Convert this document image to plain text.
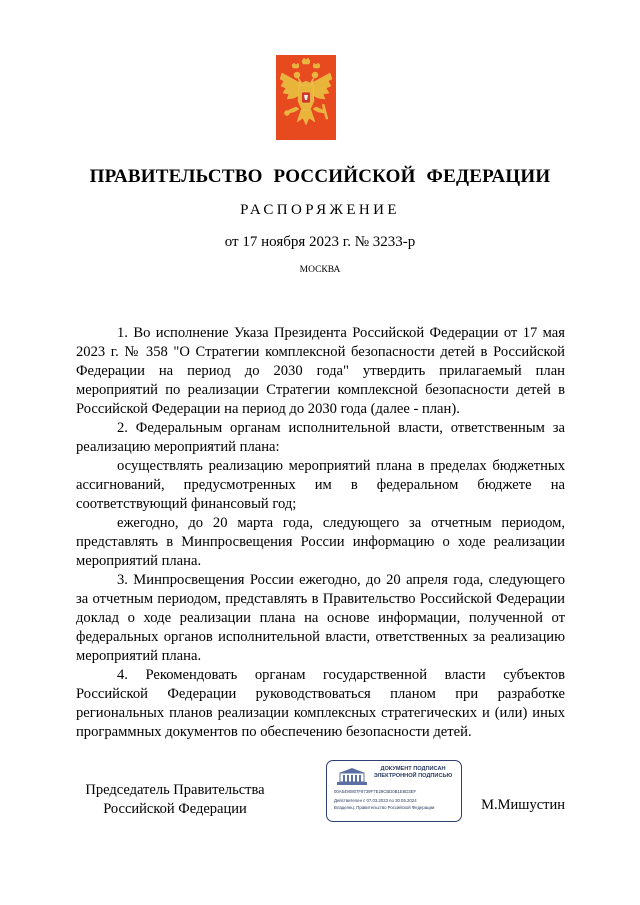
ПРАВИТЕЛЬСТВО РОССИЙСКОЙ ФЕДЕРАЦИИ
РАСПОРЯЖЕНИЕ
от 17 ноября 2023 г. № 3233-р
МОСКВА

1. Во исполнение Указа Президента Российской Федерации от 17 мая 2023 г. № 358 "О Стратегии комплексной безопасности детей в Российской Федерации на период до 2030 года" утвердить прилагаемый план мероприятий по реализации Стратегии комплексной безопасности детей в Российской Федерации на период до 2030 года (далее - план).

2. Федеральным органам исполнительной власти, ответственным за реализацию мероприятий плана:

осуществлять реализацию мероприятий плана в пределах бюджетных ассигнований, предусмотренных им в федеральном бюджете на соответствующий финансовый год;

ежегодно, до 20 марта года, следующего за отчетным периодом, представлять в Минпросвещения России информацию о ходе реализации мероприятий плана.

3. Минпросвещения России ежегодно, до 20 апреля года, следующего за отчетным периодом, представлять в Правительство Российской Федерации доклад о ходе реализации плана на основе информации, полученной от федеральных органов исполнительной власти, ответственных за реализацию мероприятий плана.

4. Рекомендовать органам государственной власти субъектов Российской Федерации руководствоваться планом при разработке региональных планов реализации комплексных стратегических и (или) иных программных документов по обеспечению безопасности детей.

Председатель Правительства
Российской Федерации
ДОКУМЕНТ ПОДПИСАН
ЭЛЕКТРОННОЙ ПОДПИСЬЮ
00A5490807F8739F7E29CBD0B1E8D3EF
Действителен с 07.03.2023 по 30.05.2024
Владелец: Правительство Российской Федерации	М.Мишустин
